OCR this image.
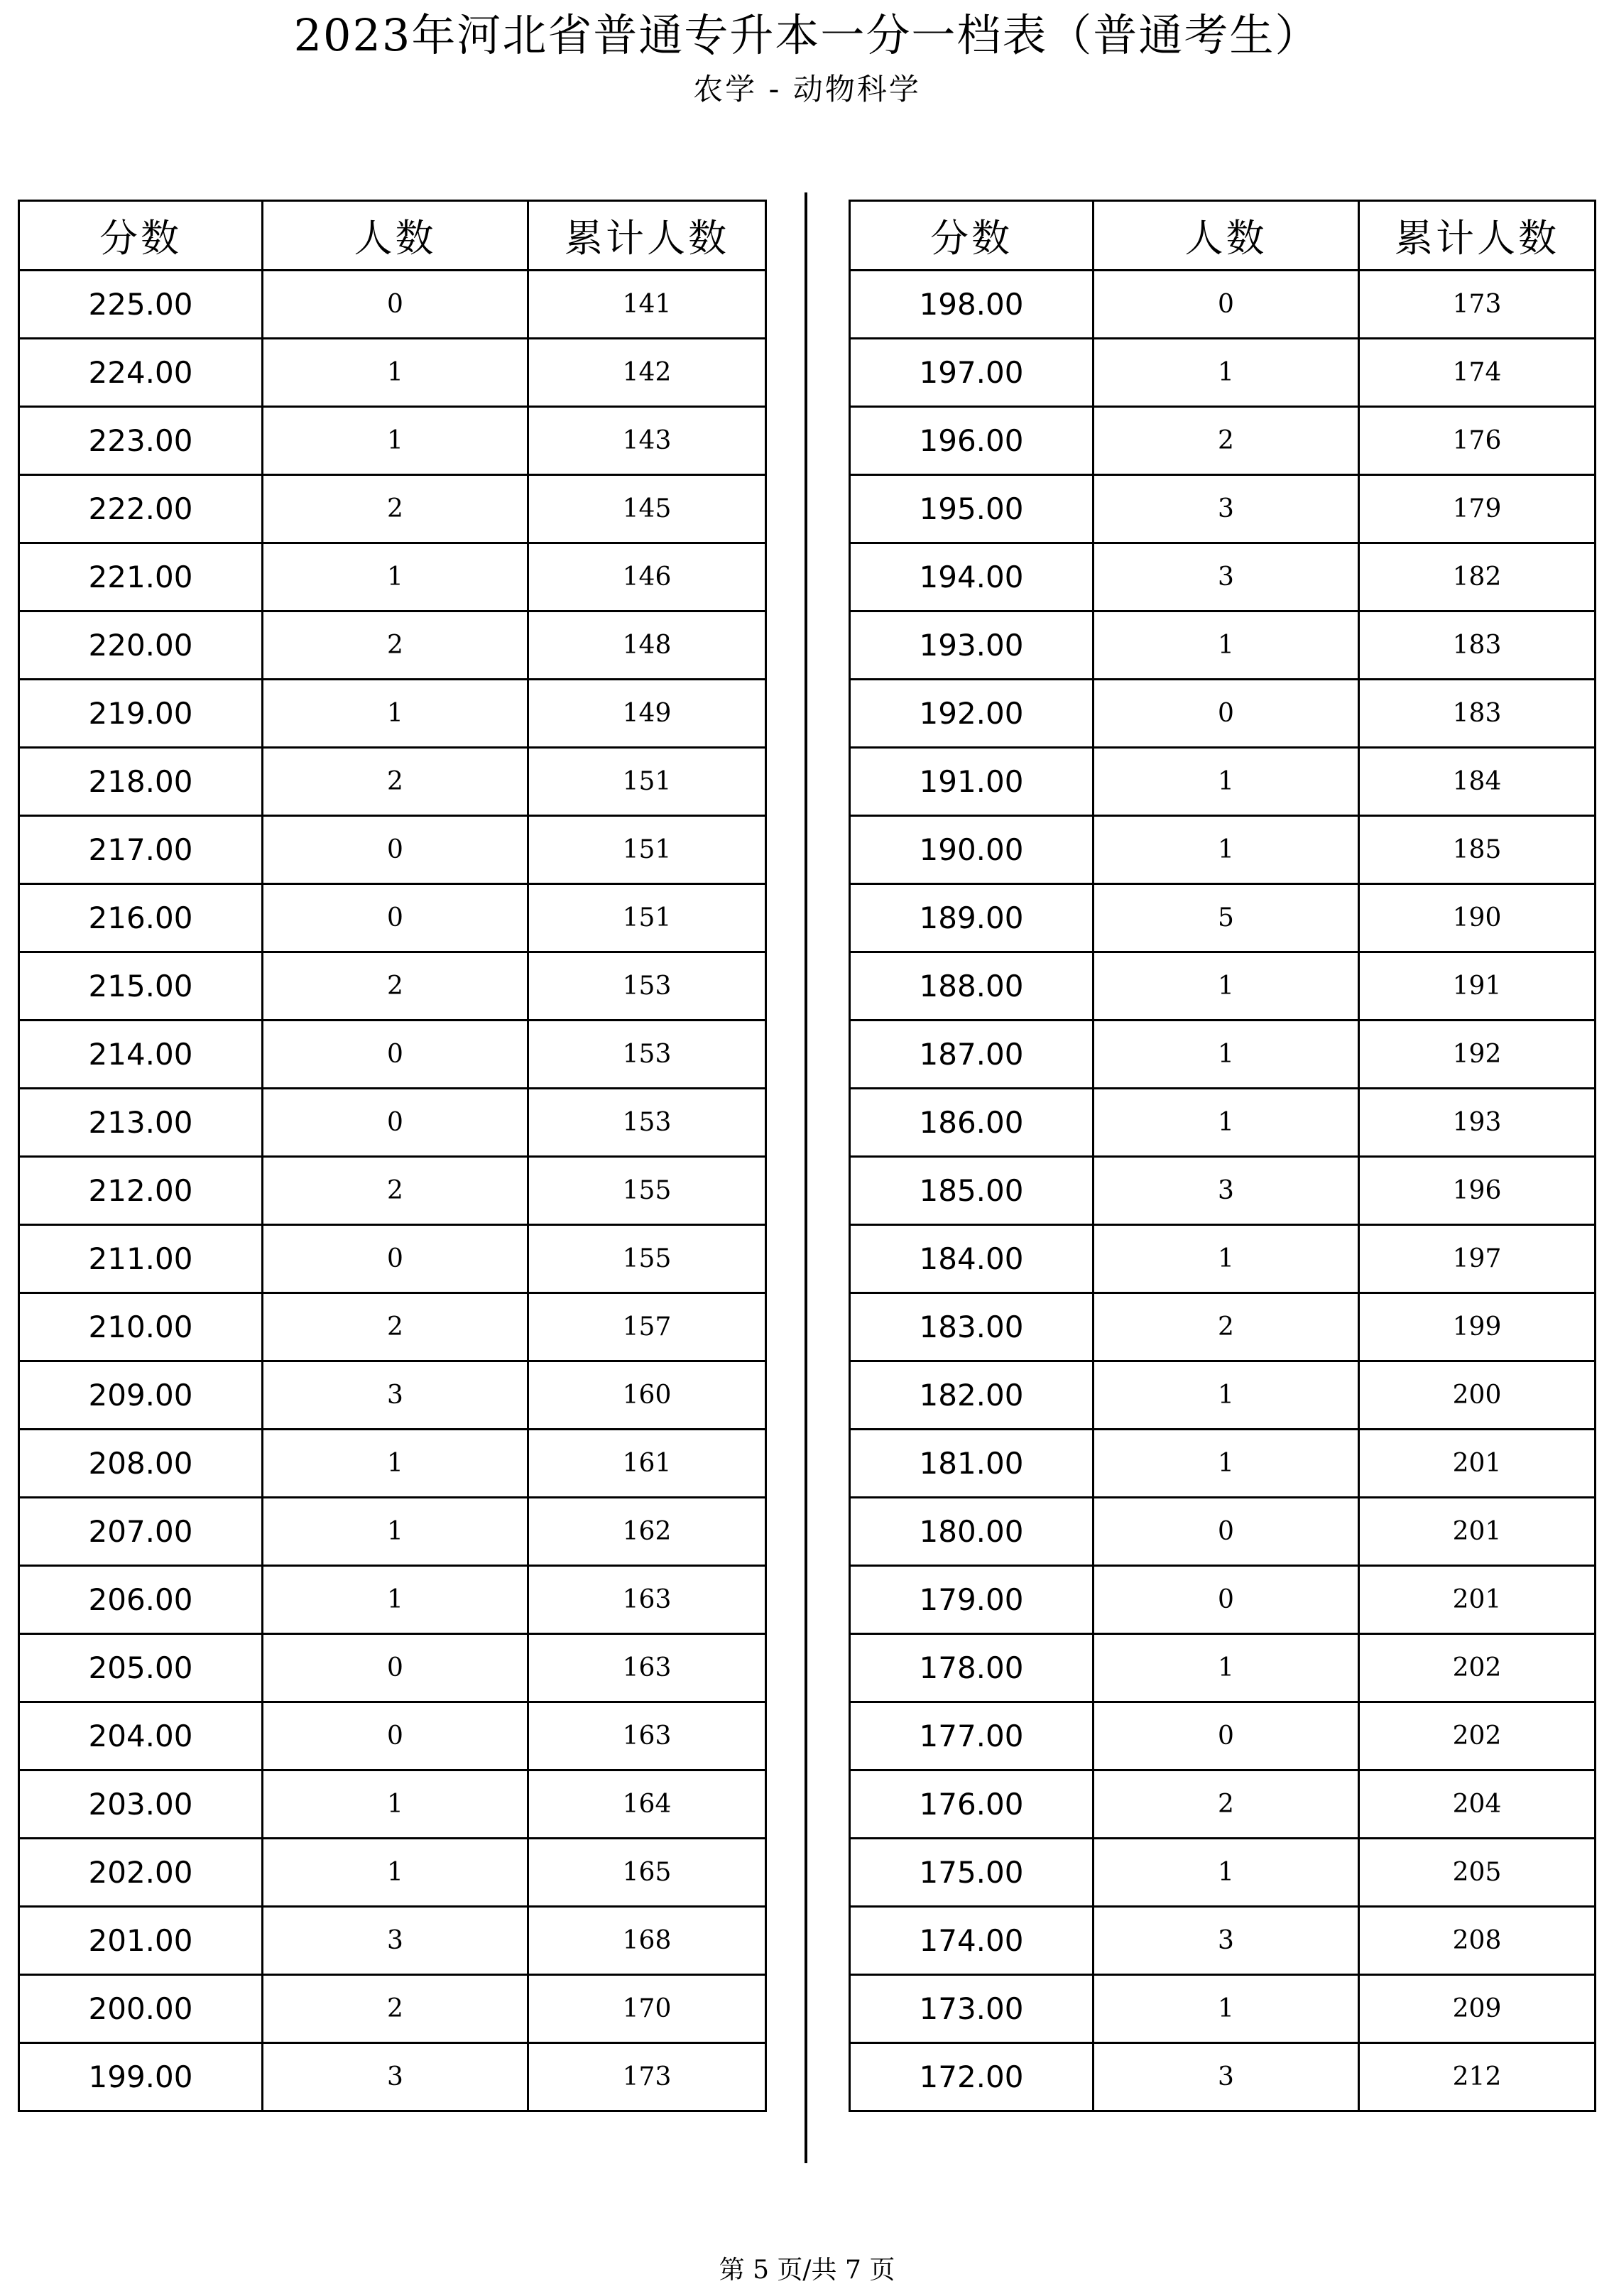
2023年河北省普通专升本一分一档表（普通考生）
农学 - 动物科学
分数	人数	累计人数
225.00	0	141
224.00	1	142
223.00	1	143
222.00	2	145
221.00	1	146
220.00	2	148
219.00	1	149
218.00	2	151
217.00	0	151
216.00	0	151
215.00	2	153
214.00	0	153
213.00	0	153
212.00	2	155
211.00	0	155
210.00	2	157
209.00	3	160
208.00	1	161
207.00	1	162
206.00	1	163
205.00	0	163
204.00	0	163
203.00	1	164
202.00	1	165
201.00	3	168
200.00	2	170
199.00	3	173
分数	人数	累计人数
198.00	0	173
197.00	1	174
196.00	2	176
195.00	3	179
194.00	3	182
193.00	1	183
192.00	0	183
191.00	1	184
190.00	1	185
189.00	5	190
188.00	1	191
187.00	1	192
186.00	1	193
185.00	3	196
184.00	1	197
183.00	2	199
182.00	1	200
181.00	1	201
180.00	0	201
179.00	0	201
178.00	1	202
177.00	0	202
176.00	2	204
175.00	1	205
174.00	3	208
173.00	1	209
172.00	3	212
第 5 页/共 7 页
